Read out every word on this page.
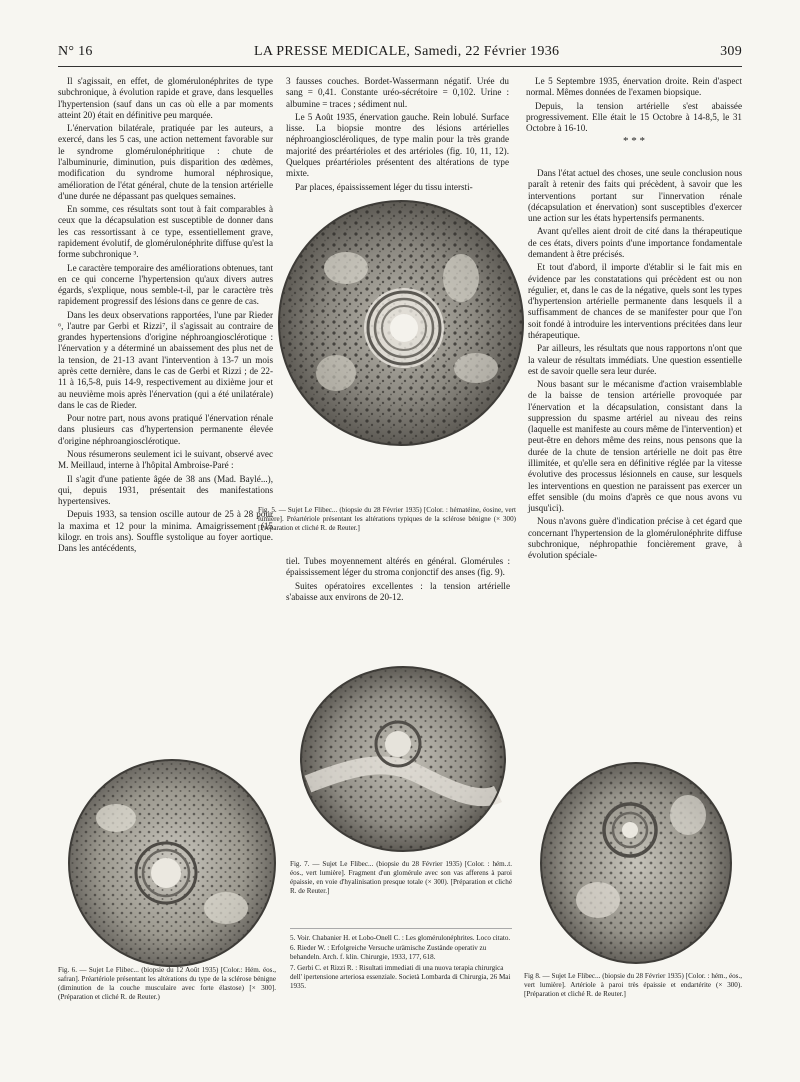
N° 16	LA PRESSE MEDICALE, Samedi, 22 Février 1936	309

Il s'agissait, en effet, de glomérulonéphrites de type subchronique, à évolution rapide et grave, dans lesquelles l'hypertension (sauf dans un cas où elle a par moments atteint 20) était en définitive peu marquée.

L'énervation bilatérale, pratiquée par les auteurs, a exercé, dans les 5 cas, une action nettement favorable sur le syndrome glomérulonéphritique : chute de l'albuminurie, diminution, puis disparition des œdèmes, modification du syndrome humoral néphrosique, amélioration de l'état général, chute de la tension artérielle d'une durée ne dépassant pas quelques semaines.

En somme, ces résultats sont tout à fait comparables à ceux que la décapsulation est susceptible de donner dans les cas ressortissant à ce type, essentiellement grave, rapidement évolutif, de glomérulonéphrite diffuse qu'est la forme subchronique ³.

Le caractère temporaire des améliorations obtenues, tant en ce qui concerne l'hypertension qu'aux divers autres égards, s'explique, nous semble-t-il, par le caractère très rapidement progressif des lésions dans ce genre de cas.

Dans les deux observations rapportées, l'une par Rieder ⁶, l'autre par Gerbi et Rizzi⁷, il s'agissait au contraire de grandes hypertensions d'origine néphroangiosclérotique : l'énervation y a déterminé un abaissement des plus net de la tension, de 21-13 avant l'intervention à 13-7 un mois après cette dernière, dans le cas de Gerbi et Rizzi ; de 22-11 à 16,5-8, puis 14-9, respectivement au dixième jour et au neuvième mois après l'énervation (qui a été unilatérale) dans le cas de Rieder.

Pour notre part, nous avons pratiqué l'énervation rénale dans plusieurs cas d'hypertension permanente élevée d'origine néphroangiosclérotique.

Nous résumerons seulement ici le suivant, observé avec M. Meillaud, interne à l'hôpital Ambroise-Paré :

Il s'agit d'une patiente âgée de 38 ans (Mad. Baylé...), qui, depuis 1931, présentait des manifestations hypertensives.

Depuis 1933, sa tension oscille autour de 25 à 28 pour la maxima et 12 pour la minima. Amaigrissement (15 kilogr. en trois ans). Souffle systolique au foyer aortique. Dans les antécédents,

3 fausses couches. Bordet-Wassermann négatif. Urée du sang = 0,41. Constante uréo-sécrétoire = 0,102. Urine : albumine = traces ; sédiment nul.

Le 5 Août 1935, énervation gauche. Rein lobulé. Surface lisse. La biopsie montre des lésions artérielles néphroangioscléroliques, de type malin pour la très grande majorité des préartérioles et des artérioles (fig. 10, 11, 12). Quelques préartérioles présentent des altérations de type mixte.

Par places, épaississement léger du tissu intersti-

Le 5 Septembre 1935, énervation droite. Rein d'aspect normal. Mêmes données de l'examen biopsique.

Depuis, la tension artérielle s'est abaissée progressivement. Elle était le 15 Octobre à 14-8,5, le 31 Octobre à 16-10.

* * *

Dans l'état actuel des choses, une seule conclusion nous paraît à retenir des faits qui précèdent, à savoir que les interventions portant sur l'innervation rénale (décapsulation et énervation) sont susceptibles d'exercer une action sur les états hypertensifs permanents.

Avant qu'elles aient droit de cité dans la thérapeutique de ces états, divers points d'une importance fondamentale demandent à être précisés.

Et tout d'abord, il importe d'établir si le fait mis en évidence par les constatations qui précèdent est ou non régulier, et, dans le cas de la négative, quels sont les types d'hypertension artérielle permanente dans lesquels il a suffisamment de chances de se manifester pour que l'on soit fondé à introduire les interventions précitées dans leur thérapeutique.

Par ailleurs, les résultats que nous rapportons n'ont que la valeur de résultats immédiats. Une question essentielle est de savoir quelle sera leur durée.

Nous basant sur le mécanisme d'action vraisemblable de la baisse de tension artérielle provoquée par l'énervation et la décapsulation, consistant dans la suppression du spasme artériel au niveau des reins (laquelle est manifeste au cours même de l'intervention) et peut-être en dehors même des reins, nous pensons que la durée de la chute de tension artérielle ne doit pas être illimitée, et qu'elle sera en définitive réglée par la vitesse évolutive des processus lésionnels en cause, sur lesquels les interventions en question ne paraissent pas exercer un effet sensible (du moins d'après ce que nous avons vu jusqu'ici).

Nous n'avons guère d'indication précise à cet égard que concernant l'hypertension de la glomérulonéphrite diffuse subchronique, néphropathie foncièrement grave, à évolution spéciale-

Fig. 5. — Sujet Le Flibec... (biopsie du 28 Février 1935) [Color. : hématéine, éosine, vert lumière]. Préartériole présentant les altérations typiques de la sclérose bénigne (× 300) [Préparation et cliché R. de Reuter.]

tiel. Tubes moyennement altérés en général. Glomérules : épaississement léger du stroma conjonctif des anses (fig. 9).

Suites opératoires excellentes : la tension artérielle s'abaisse aux environs de 20-12.

Fig. 6. — Sujet Le Flibec... (biopsie du 12 Août 1935) [Color.: Hém. éos., safran]. Préartériole présentant les altérations du type de la sclérose bénigne (diminution de la couche musculaire avec forte élastose) [× 300]. (Préparation et cliché R. de Reuter.)

Fig. 7. — Sujet Le Flibec... (biopsie du 28 Février 1935) [Color. : hém..t. éos., vert lumière]. Fragment d'un glomérule avec son vas afferens à paroi épaissie, en voie d'hyalinisation presque totale (× 300). [Préparation et cliché R. de Reuter.]

5. Voir. Chabanier H. et Lobo-Onell C. : Les glomérulonéphrites. Loco citato.

6. Rieder W. : Erfolgreiche Versuche urämische Zustände operativ zu behandeln. Arch. f. klin. Chirurgie, 1933, 177, 618.

7. Gerbi C. et Rizzi R. : Risultati immediati di una nuova terapia chirurgica dell' ipertensione arteriosa essenziale. Società Lombarda di Chirurgia, 26 Mai 1935.

Fig 8. — Sujet Le Flibec... (biopsie du 28 Février 1935) [Color. : hém., éos., vert lumière]. Artériole à paroi très épaissie et endartérite (× 300). [Préparation et cliché R. de Reuter.]
